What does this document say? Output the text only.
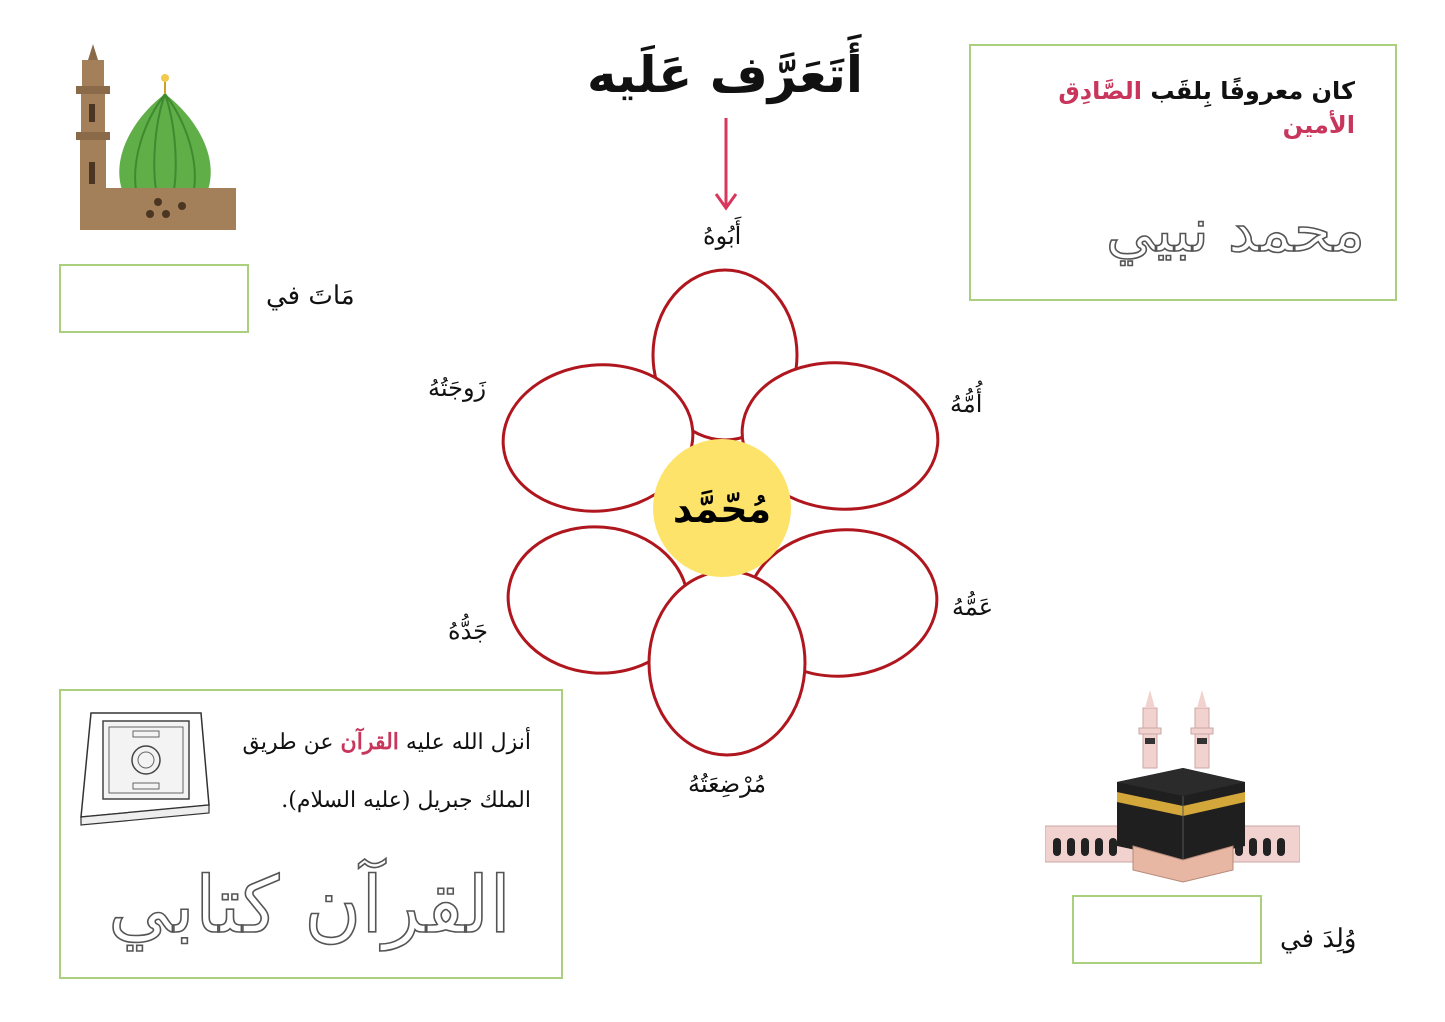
أَتَعَرَّف عَلَيه
مُحّمَّد
أَبُوهُ
أُمُّهُ
عَمُّهُ
مُرْضِعَتُهُ
جَدُّهُ
زَوجَتُهُ
مَاتَ في
كان معروفًا بِلقَب الصَّادِق الأمين
محمد نبيي
أنزل الله عليه القرآن عن طريق
الملك جبريل (عليه السلام).
القرآن كتابي	وُلِدَ في
